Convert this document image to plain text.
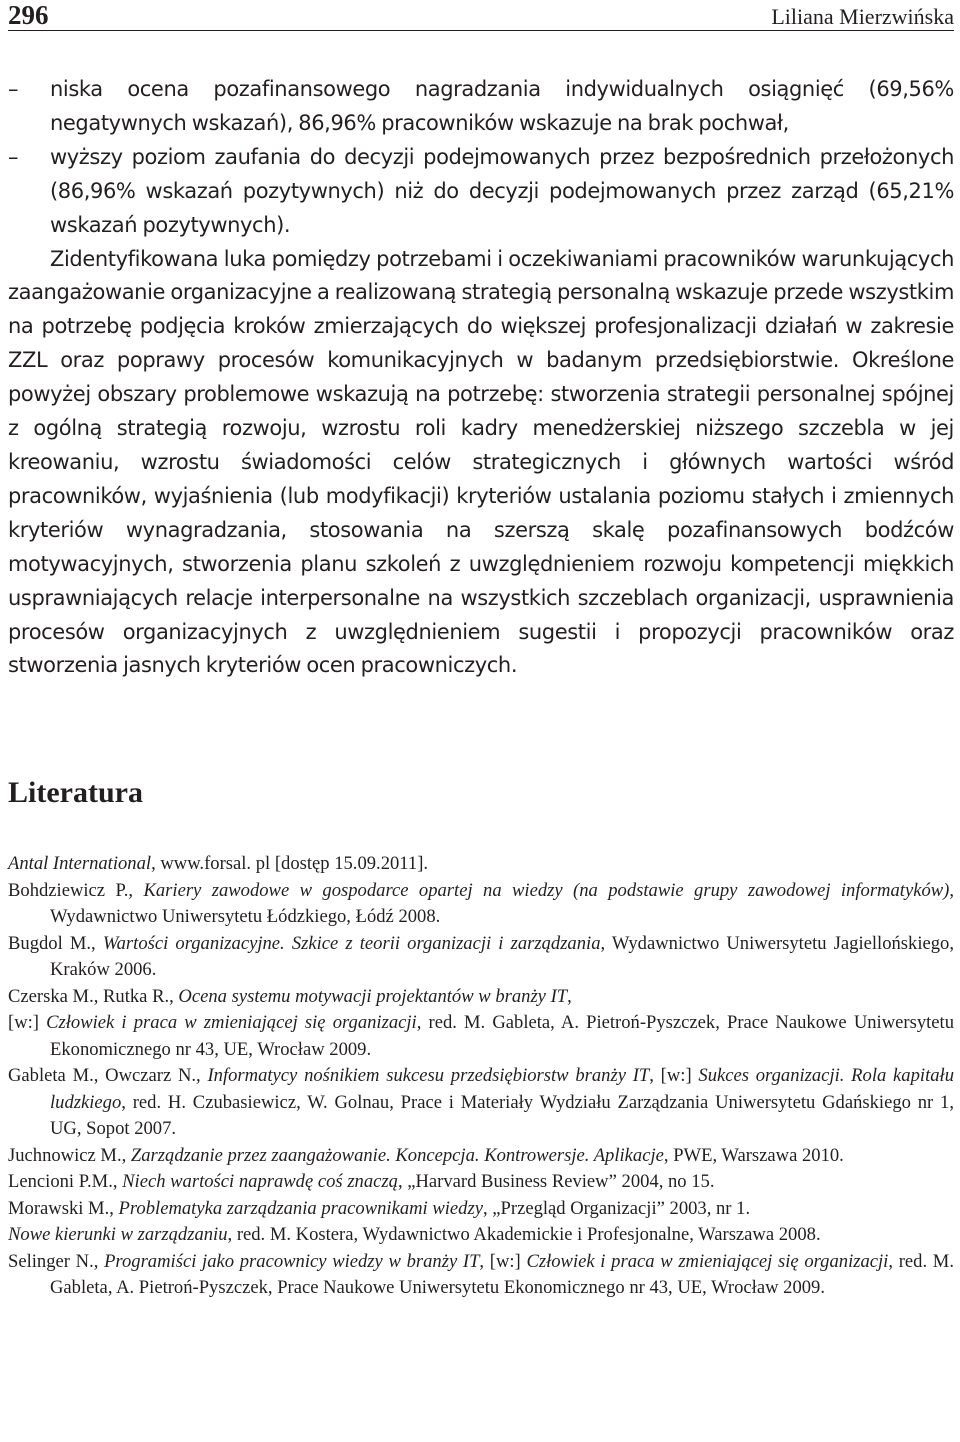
296	Liliana Mierzwińska
– niska ocena pozafinansowego nagradzania indywidualnych osiągnięć (69,56% negatywnych wskazań), 86,96% pracowników wskazuje na brak pochwał,
– wyższy poziom zaufania do decyzji podejmowanych przez bezpośrednich przełożonych (86,96% wskazań pozytywnych) niż do decyzji podejmowanych przez zarząd (65,21% wskazań pozytywnych).

Zidentyfikowana luka pomiędzy potrzebami i oczekiwaniami pracowników warunkujących zaangażowanie organizacyjne a realizowaną strategią personalną wskazuje przede wszystkim na potrzebę podjęcia kroków zmierzających do większej profesjonalizacji działań w zakresie ZZL oraz poprawy procesów komunikacyjnych w badanym przedsiębiorstwie. Określone powyżej obszary problemowe wskazują na potrzebę: stworzenia strategii personalnej spójnej z ogólną strategią rozwoju, wzrostu roli kadry menedżerskiej niższego szczebla w jej kreowaniu, wzrostu świadomości celów strategicznych i głównych wartości wśród pracowników, wyjaśnienia (lub modyfikacji) kryteriów ustalania poziomu stałych i zmiennych kryteriów wynagradzania, stosowania na szerszą skalę pozafinansowych bodźców motywacyjnych, stworzenia planu szkoleń z uwzględnieniem rozwoju kompetencji miękkich usprawniających relacje interpersonalne na wszystkich szczeblach organizacji, usprawnienia procesów organizacyjnych z uwzględnieniem sugestii i propozycji pracowników oraz stworzenia jasnych kryteriów ocen pracowniczych.

Literatura
Antal International, www.forsal. pl [dostęp 15.09.2011].
Bohdziewicz P., Kariery zawodowe w gospodarce opartej na wiedzy (na podstawie grupy zawodowej informatyków), Wydawnictwo Uniwersytetu Łódzkiego, Łódź 2008.
Bugdol M., Wartości organizacyjne. Szkice z teorii organizacji i zarządzania, Wydawnictwo Uniwersytetu Jagiellońskiego, Kraków 2006.
Czerska M., Rutka R., Ocena systemu motywacji projektantów w branży IT,
[w:] Człowiek i praca w zmieniającej się organizacji, red. M. Gableta, A. Pietroń-Pyszczek, Prace Naukowe Uniwersytetu Ekonomicznego nr 43, UE, Wrocław 2009.
Gableta M., Owczarz N., Informatycy nośnikiem sukcesu przedsiębiorstw branży IT, [w:] Sukces organizacji. Rola kapitału ludzkiego, red. H. Czubasiewicz, W. Golnau, Prace i Materiały Wydziału Zarządzania Uniwersytetu Gdańskiego nr 1, UG, Sopot 2007.
Juchnowicz M., Zarządzanie przez zaangażowanie. Koncepcja. Kontrowersje. Aplikacje, PWE, Warszawa 2010.
Lencioni P.M., Niech wartości naprawdę coś znaczą, „Harvard Business Review” 2004, no 15.
Morawski M., Problematyka zarządzania pracownikami wiedzy, „Przegląd Organizacji” 2003, nr 1.
Nowe kierunki w zarządzaniu, red. M. Kostera, Wydawnictwo Akademickie i Profesjonalne, Warszawa 2008.
Selinger N., Programiści jako pracownicy wiedzy w branży IT, [w:] Człowiek i praca w zmieniającej się organizacji, red. M. Gableta, A. Pietroń-Pyszczek, Prace Naukowe Uniwersytetu Ekonomicznego nr 43, UE, Wrocław 2009.
